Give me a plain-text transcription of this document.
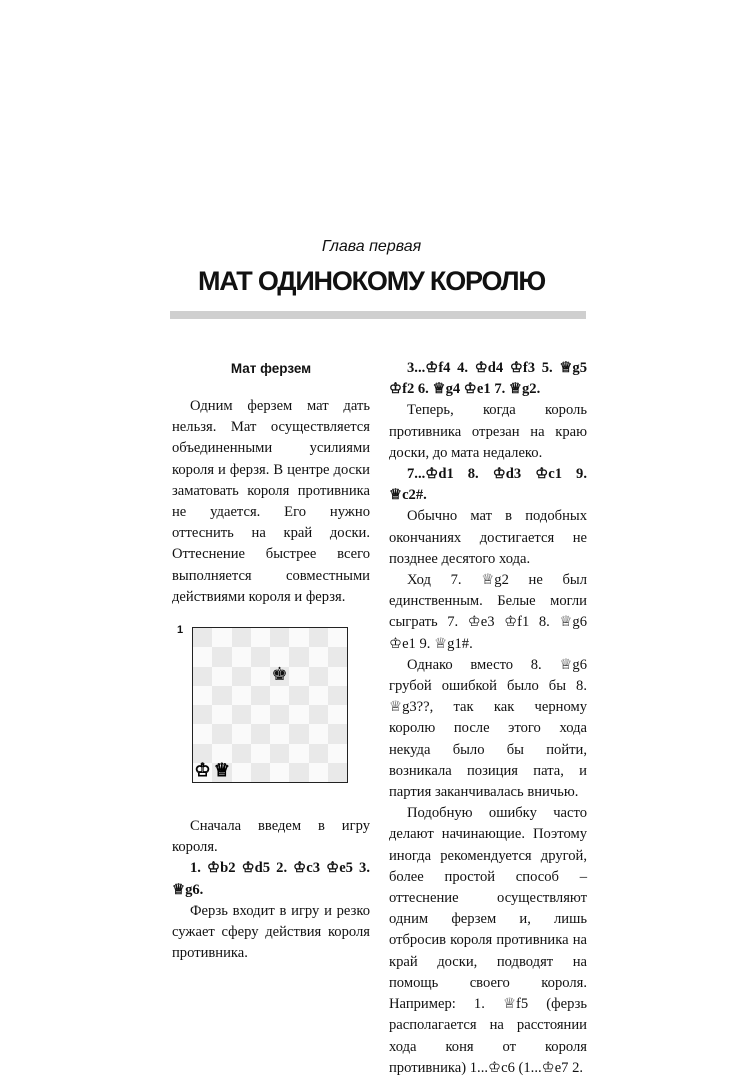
Глава первая
МАТ ОДИНОКОМУ КОРОЛЮ
Мат ферзем

Одним ферзем мат дать нельзя. Мат осуществляется объединенными усилиями короля и ферзя. В центре доски заматовать короля противника не удается. Его нужно оттеснить на край доски. Оттеснение быстрее всего выполняется совместными действиями короля и ферзя.

1
♚
♔ ♕

Сначала введем в игру короля.

1. ♔b2 ♔d5 2. ♔c3 ♔e5 3. ♕g6.

Ферзь входит в игру и резко сужает сферу действия короля противника.

3...♔f4 4. ♔d4 ♔f3 5. ♕g5 ♔f2 6. ♕g4 ♔e1 7. ♕g2.

Теперь, когда король противника отрезан на краю доски, до мата недалеко.

7...♔d1 8. ♔d3 ♔c1 9. ♕c2#.

Обычно мат в подобных окончаниях достигается не позднее десятого хода.

Ход 7. ♕g2 не был единственным. Белые могли сыграть 7. ♔e3 ♔f1 8. ♕g6 ♔e1 9. ♕g1#.

Однако вместо 8. ♕g6 грубой ошибкой было бы 8. ♕g3??, так как черному королю после этого хода некуда было бы пойти, возникала позиция пата, и партия заканчивалась вничью.

Подобную ошибку часто делают начинающие. Поэтому иногда рекомендуется другой, более простой способ – оттеснение осуществляют одним ферзем и, лишь отбросив короля противника на край доски, подводят на помощь своего короля. Например: 1. ♕f5 (ферзь располагается на расстоянии хода коня от короля противника) 1...♔c6 (1...♔e7 2.
